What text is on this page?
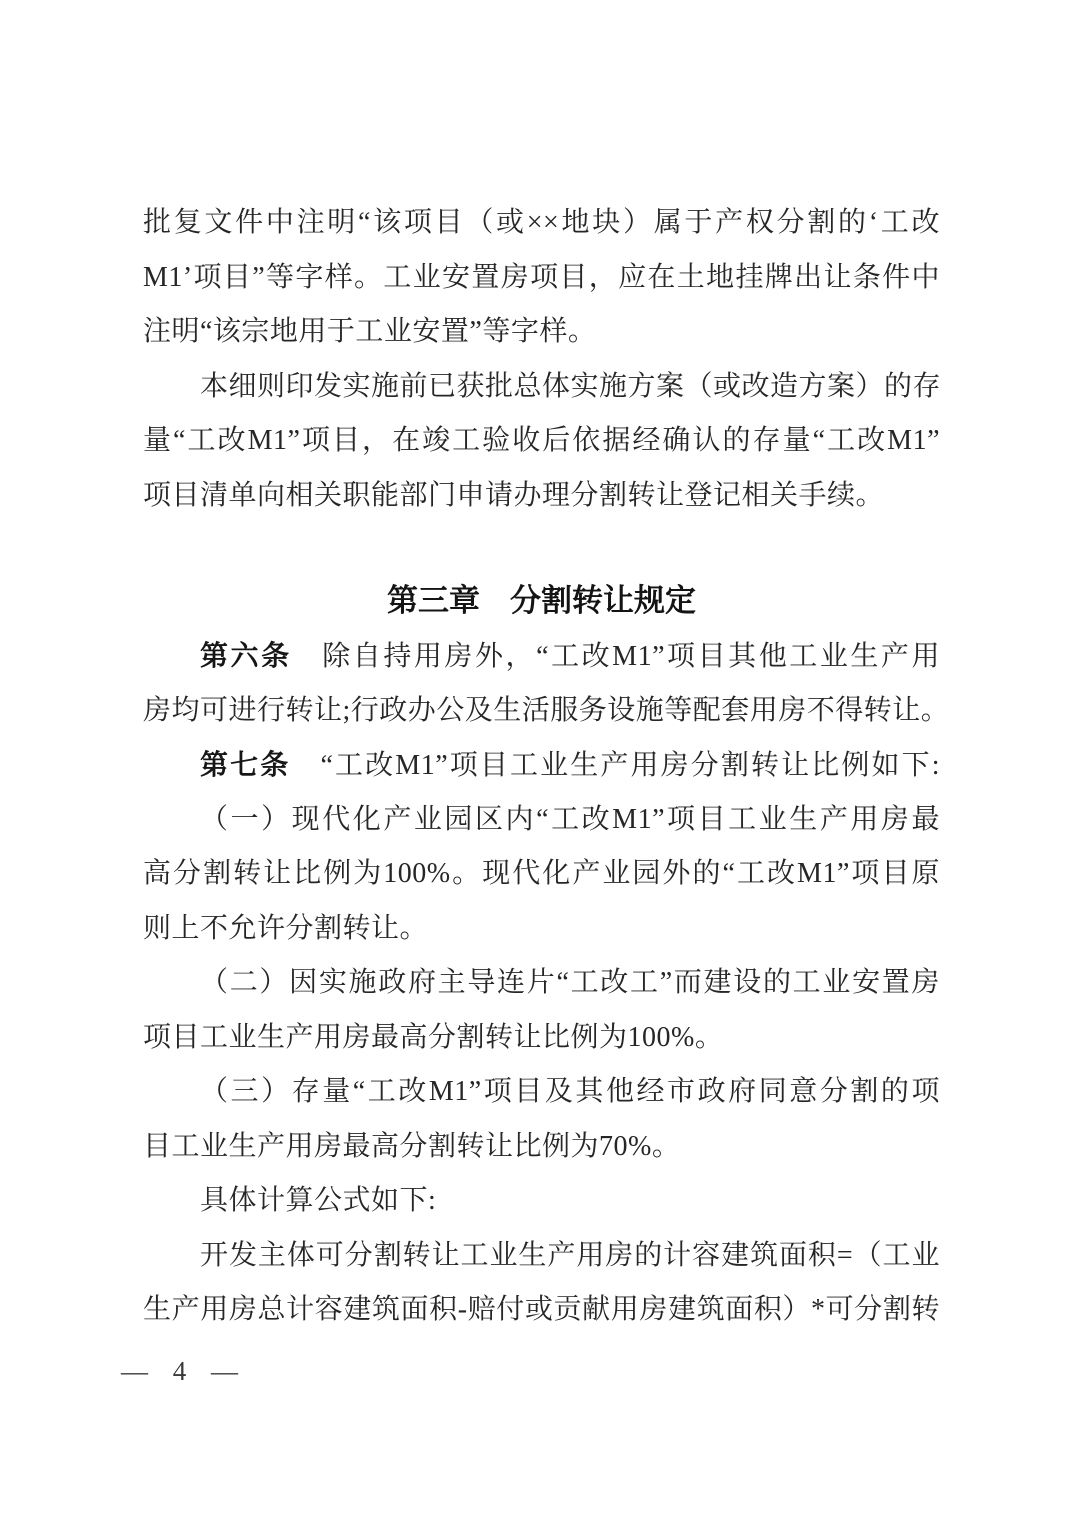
批复文件中注明“该项目（或××地块）属于产权分割的‘工改
M1’项目”等字样。工业安置房项目，应在土地挂牌出让条件中
注明“该宗地用于工业安置”等字样。
本细则印发实施前已获批总体实施方案（或改造方案）的存
量“工改M1”项目，在竣工验收后依据经确认的存量“工改M1”
项目清单向相关职能部门申请办理分割转让登记相关手续。
第三章 分割转让规定
第六条　除自持用房外，“工改M1”项目其他工业生产用
房均可进行转让;行政办公及生活服务设施等配套用房不得转让。
第七条　“工改M1”项目工业生产用房分割转让比例如下:
（一）现代化产业园区内“工改M1”项目工业生产用房最
高分割转让比例为100%。现代化产业园外的“工改M1”项目原
则上不允许分割转让。
（二）因实施政府主导连片“工改工”而建设的工业安置房
项目工业生产用房最高分割转让比例为100%。
（三）存量“工改M1”项目及其他经市政府同意分割的项
目工业生产用房最高分割转让比例为70%。
具体计算公式如下:
开发主体可分割转让工业生产用房的计容建筑面积=（工业
生产用房总计容建筑面积-赔付或贡献用房建筑面积）*可分割转
— 4 —
